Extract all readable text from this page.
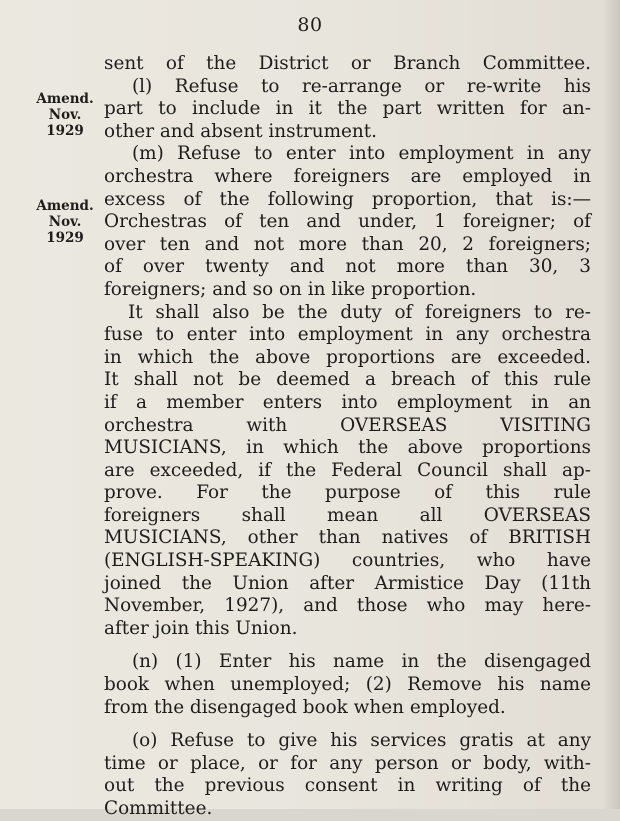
80
Amend.
Nov.
1929
Amend.
Nov.
1929
sent of the District or Branch Committee.
(l) Refuse to re-arrange or re-write his
part to include in it the part written for an-
other and absent instrument.
(m) Refuse to enter into employment in any
orchestra where foreigners are employed in
excess of the following proportion, that is:—
Orchestras of ten and under, 1 foreigner; of
over ten and not more than 20, 2 foreigners;
of over twenty and not more than 30, 3
foreigners; and so on in like proportion.
It shall also be the duty of foreigners to re-
fuse to enter into employment in any orchestra
in which the above proportions are exceeded.
It shall not be deemed a breach of this rule
if a member enters into employment in an
orchestra with OVERSEAS VISITING
MUSICIANS, in which the above proportions
are exceeded, if the Federal Council shall ap-
prove. For the purpose of this rule
foreigners shall mean all OVERSEAS
MUSICIANS, other than natives of BRITISH
(ENGLISH-SPEAKING) countries, who have
joined the Union after Armistice Day (11th
November, 1927), and those who may here-
after join this Union.
(n) (1) Enter his name in the disengaged
book when unemployed; (2) Remove his name
from the disengaged book when employed.
(o) Refuse to give his services gratis at any
time or place, or for any person or body, with-
out the previous consent in writing of the
Committee.
